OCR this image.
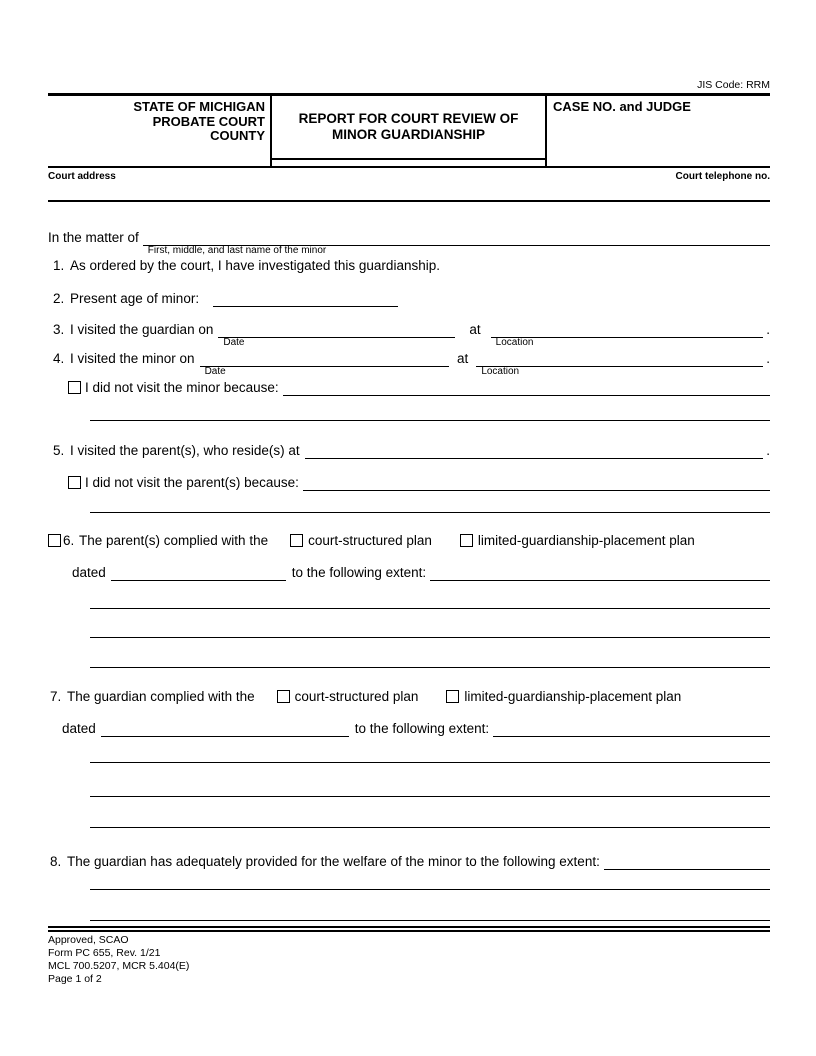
JIS Code: RRM
STATE OF MICHIGAN
PROBATE COURT
COUNTY
REPORT FOR COURT REVIEW OF
MINOR GUARDIANSHIP
CASE NO. and JUDGE
Court address	Court telephone no.
In the matter of
First, middle, and last name of the minor
1. As ordered by the court, I have investigated this guardianship.
2. Present age of minor:
3. I visited the guardian on
Date
at
Location
.
4. I visited the minor on
Date
at
Location
.
I did not visit the minor because:
5. I visited the parent(s), who reside(s) at	.
I did not visit the parent(s) because:
6. The parent(s) complied with the	court-structured plan	limited-guardianship-placement plan
dated	to the following extent:
7. The guardian complied with the	court-structured plan	limited-guardianship-placement plan
dated	to the following extent:
8. The guardian has adequately provided for the welfare of the minor to the following extent:
Approved, SCAO
Form PC 655, Rev. 1/21
MCL 700.5207, MCR 5.404(E)
Page 1 of 2
